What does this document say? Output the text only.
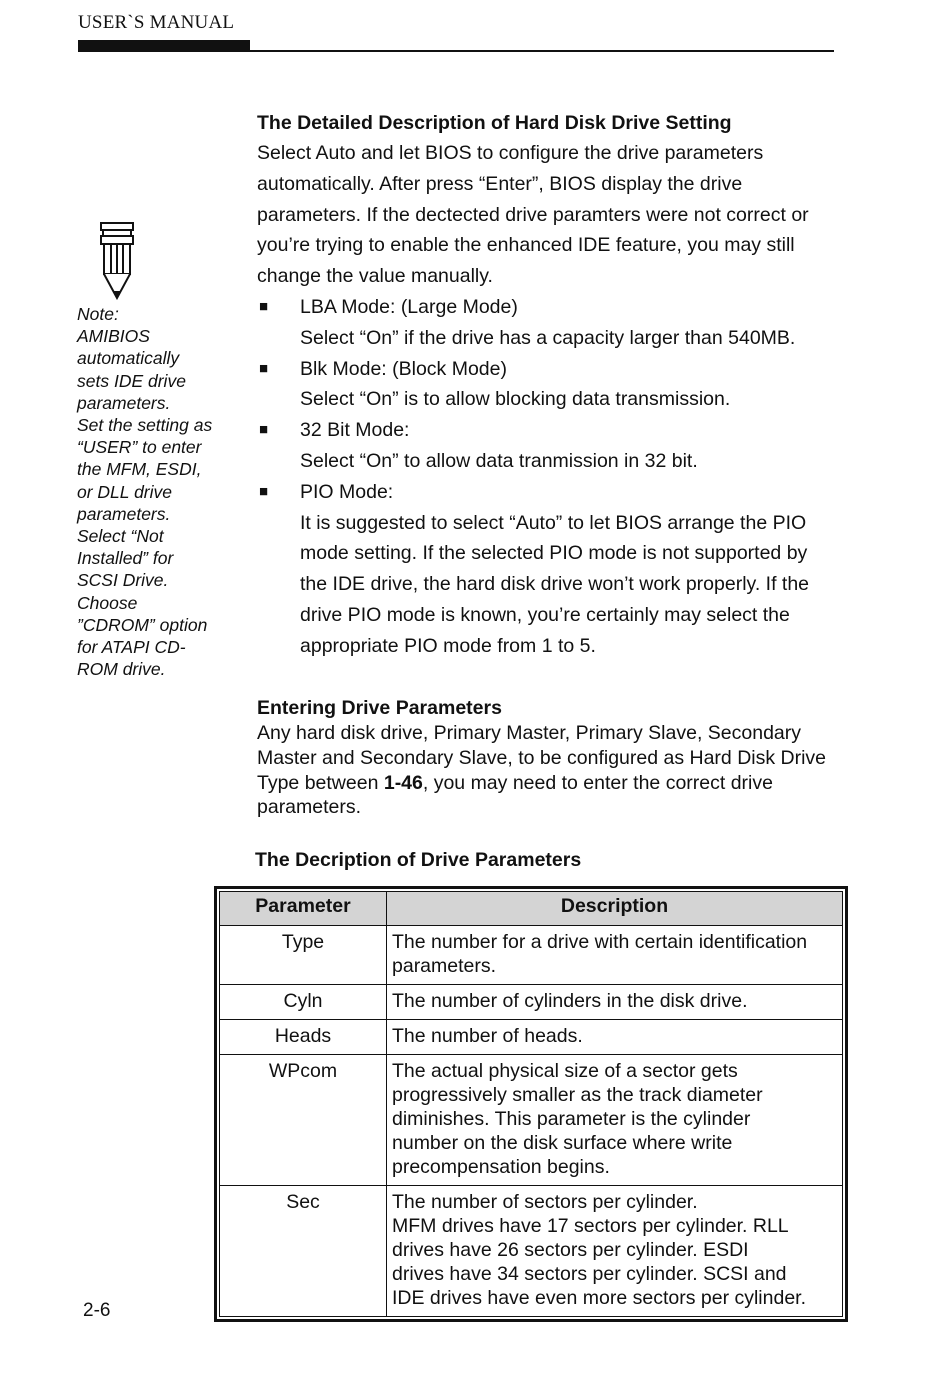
USER`S MANUAL
Note:
AMIBIOS
automatically
sets IDE drive
parameters.
Set the setting as
“USER” to enter
the MFM, ESDI,
or DLL drive
parameters.
Select “Not
Installed” for
SCSI Drive.
Choose
”CDROM” option
for ATAPI CD-
ROM drive.
The Detailed Description of Hard Disk Drive Setting
Select Auto and let BIOS to configure the drive parameters
automatically. After press “Enter”, BIOS display the drive
parameters. If the dectected drive paramters were not correct or
you’re trying to enable the enhanced IDE feature, you may still
change the value manually.
■	LBA Mode: (Large Mode)
Select “On” if the drive has a capacity larger than 540MB.
■	Blk Mode: (Block Mode)
Select “On” is to allow blocking data transmission.
■	32 Bit Mode:
Select “On” to allow data tranmission in 32 bit.
■	PIO Mode:
It is suggested to select “Auto” to let BIOS arrange the PIO
mode setting. If the selected PIO mode is not supported by
the IDE drive, the hard disk drive won’t work properly. If the
drive PIO mode is known, you’re certainly may select the
appropriate PIO mode from 1 to 5.
Entering Drive Parameters
Any hard disk drive, Primary Master, Primary Slave, Secondary
Master and Secondary Slave, to be configured as Hard Disk Drive
Type between 1-46, you may need to enter the correct drive
parameters.
The Decription of Drive Parameters
Parameter	Description
Type	The number for a drive with certain identification
parameters.

Cyln	The number of cylinders in the disk drive.

Heads	The number of heads.

WPcom	The actual physical size of a sector gets
progressively smaller as the track diameter
diminishes. This parameter is the cylinder
number on the disk surface where write
precompensation begins.

Sec	The number of sectors per cylinder.
MFM drives have 17 sectors per cylinder. RLL
drives have 26 sectors per cylinder. ESDI
drives have 34 sectors per cylinder. SCSI and
IDE drives have even more sectors per cylinder.
2-6
